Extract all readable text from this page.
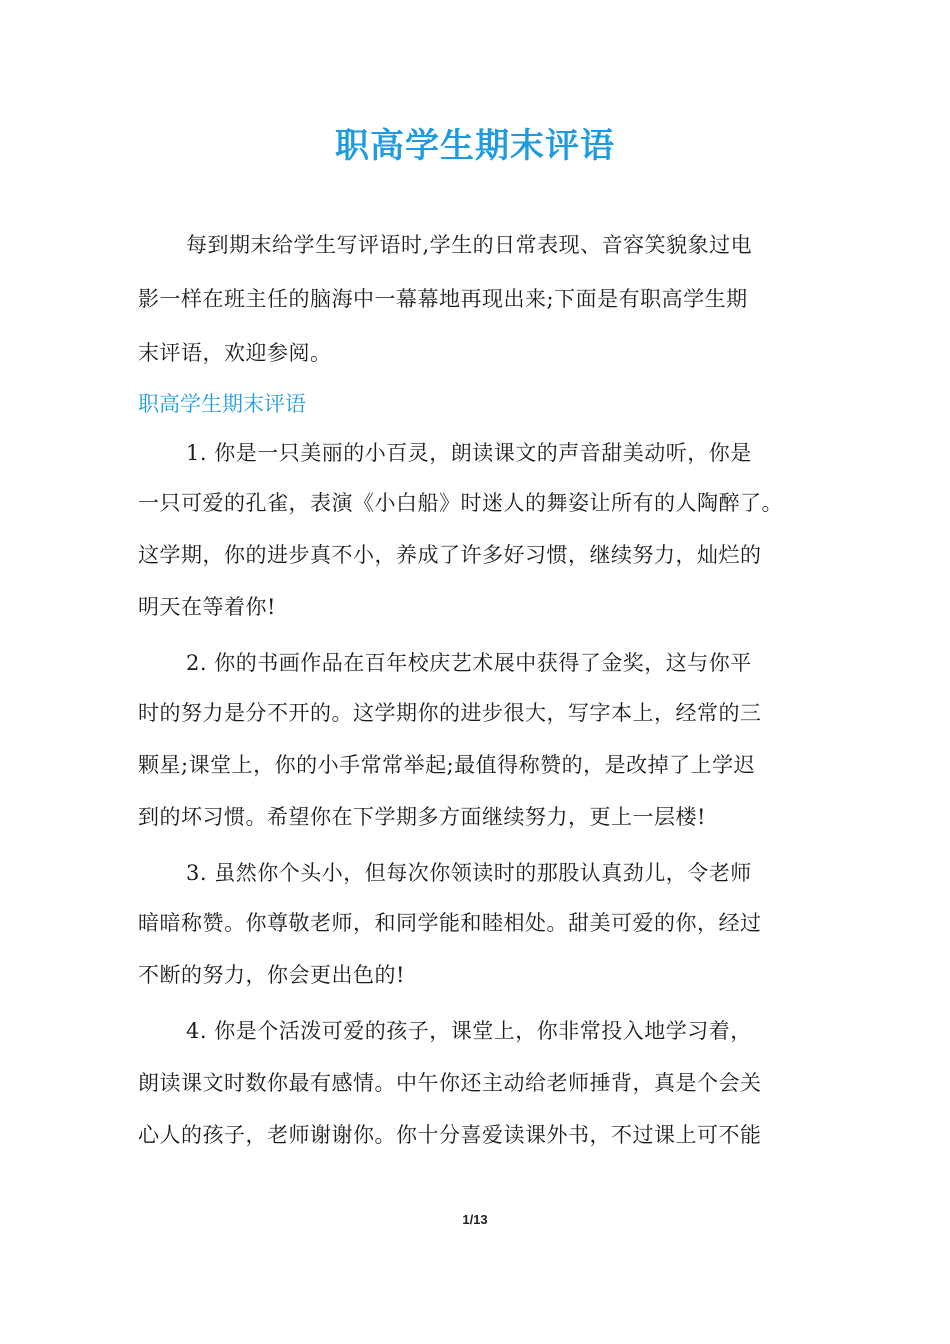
职高学生期末评语
每到期末给学生写评语时,学生的日常表现、音容笑貌象过电
影一样在班主任的脑海中一幕幕地再现出来;下面是有职高学生期
末评语，欢迎参阅。
职高学生期末评语
1. 你是一只美丽的小百灵，朗读课文的声音甜美动听，你是
一只可爱的孔雀，表演《小白船》时迷人的舞姿让所有的人陶醉了。
这学期，你的进步真不小，养成了许多好习惯，继续努力，灿烂的
明天在等着你!
2. 你的书画作品在百年校庆艺术展中获得了金奖，这与你平
时的努力是分不开的。这学期你的进步很大，写字本上，经常的三
颗星;课堂上，你的小手常常举起;最值得称赞的，是改掉了上学迟
到的坏习惯。希望你在下学期多方面继续努力，更上一层楼!
3. 虽然你个头小，但每次你领读时的那股认真劲儿，令老师
暗暗称赞。你尊敬老师，和同学能和睦相处。甜美可爱的你，经过
不断的努力，你会更出色的!
4. 你是个活泼可爱的孩子，课堂上，你非常投入地学习着，
朗读课文时数你最有感情。中午你还主动给老师捶背，真是个会关
心人的孩子，老师谢谢你。你十分喜爱读课外书，不过课上可不能
1/13
